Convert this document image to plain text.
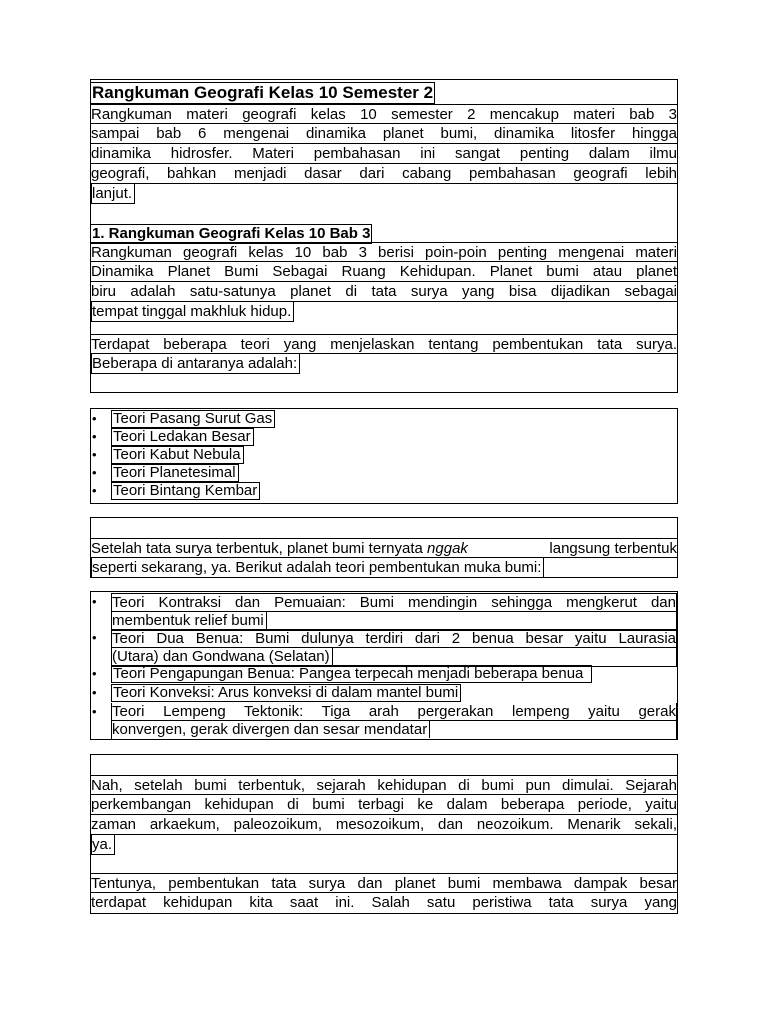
Rangkuman Geografi Kelas 10 Semester 2
Rangkuman materi geografi kelas 10 semester 2 mencakup materi bab 3
sampai bab 6 mengenai dinamika planet bumi, dinamika litosfer hingga
dinamika hidrosfer. Materi pembahasan ini sangat penting dalam ilmu
geografi, bahkan menjadi dasar dari cabang pembahasan geografi lebih
lanjut.
1. Rangkuman Geografi Kelas 10 Bab 3
Rangkuman geografi kelas 10 bab 3 berisi poin-poin penting mengenai materi
Dinamika Planet Bumi Sebagai Ruang Kehidupan. Planet bumi atau planet
biru adalah satu-satunya planet di tata surya yang bisa dijadikan sebagai
tempat tinggal makhluk hidup.
Terdapat beberapa teori yang menjelaskan tentang pembentukan tata surya.
Beberapa di antaranya adalah:
• Teori Pasang Surut Gas
• Teori Ledakan Besar
• Teori Kabut Nebula
• Teori Planetesimal
• Teori Bintang Kembar
Setelah tata surya terbentuk, planet bumi ternyata nggak	langsung terbentuk
seperti sekarang, ya. Berikut adalah teori pembentukan muka bumi:
• Teori Kontraksi dan Pemuaian: Bumi mendingin sehingga mengkerut dan
membentuk relief bumi
• Teori Dua Benua: Bumi dulunya terdiri dari 2 benua besar yaitu Laurasia
(Utara) dan Gondwana (Selatan)
• Teori Pengapungan Benua: Pangea terpecah menjadi beberapa benua
• Teori Konveksi: Arus konveksi di dalam mantel bumi
• Teori Lempeng Tektonik: Tiga arah pergerakan lempeng yaitu gerak
konvergen, gerak divergen dan sesar mendatar
Nah, setelah bumi terbentuk, sejarah kehidupan di bumi pun dimulai. Sejarah
perkembangan kehidupan di bumi terbagi ke dalam beberapa periode, yaitu
zaman arkaekum, paleozoikum, mesozoikum, dan neozoikum. Menarik sekali,
ya.
Tentunya, pembentukan tata surya dan planet bumi membawa dampak besar
terdapat kehidupan kita saat ini. Salah satu peristiwa tata surya yang
